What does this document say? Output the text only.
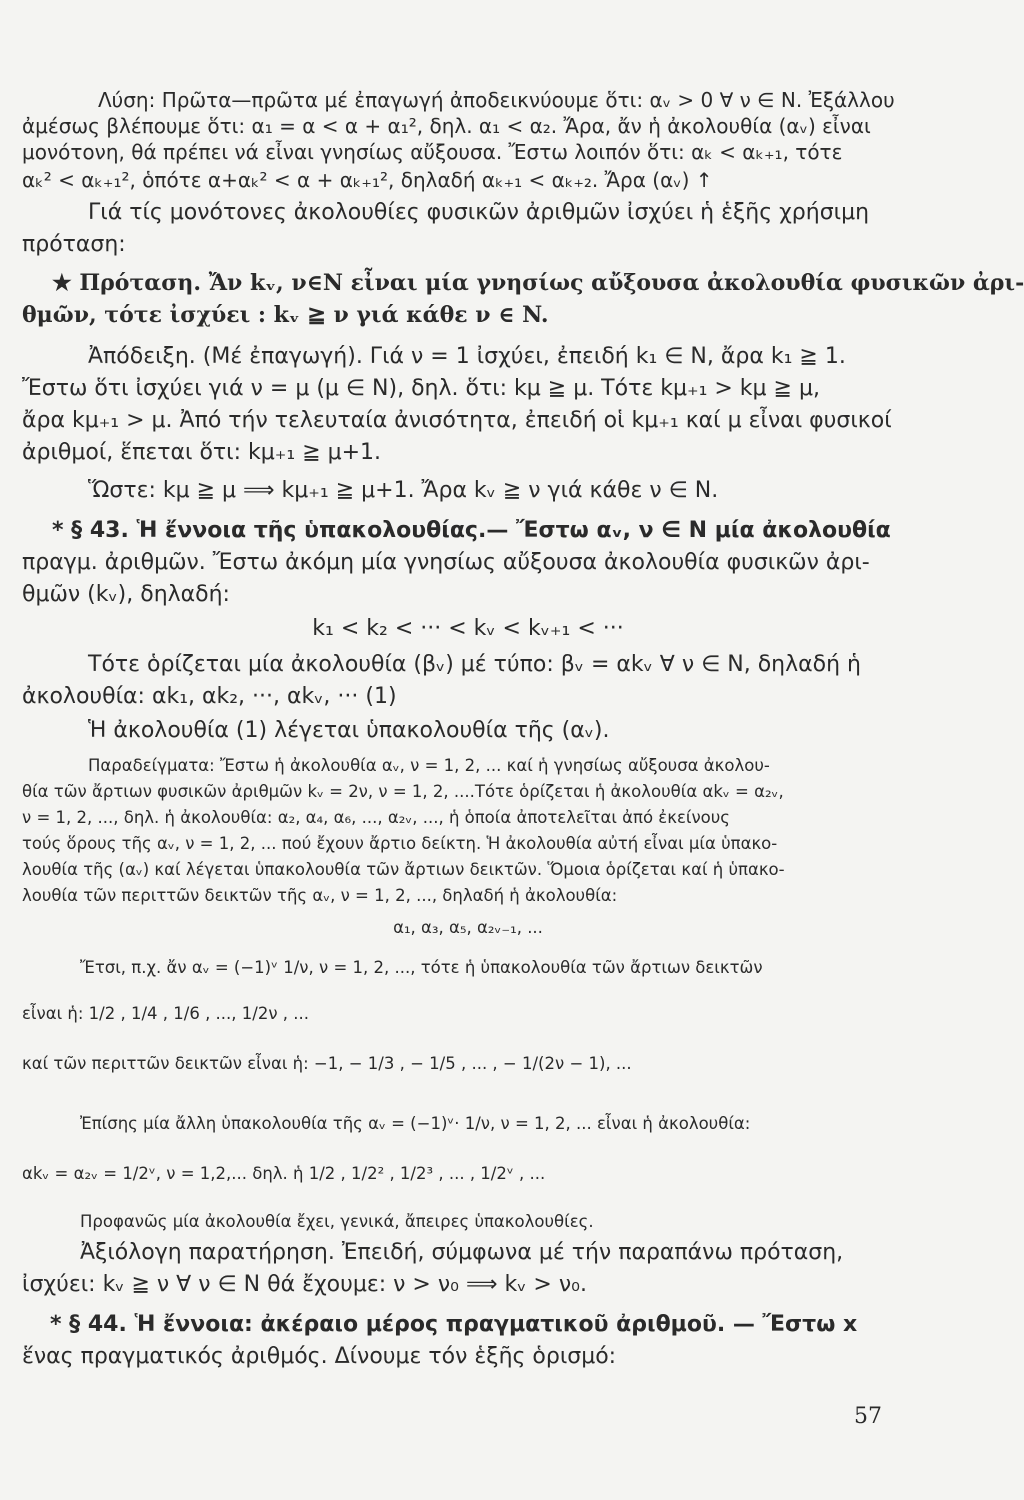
Λύση: Πρῶτα—πρῶτα μέ ἐπαγωγή ἀποδεικνύουμε ὅτι: αᵥ > 0 ∀ ν ∈ N. Ἐξάλλου
ἀμέσως βλέπουμε ὅτι: α₁ = α < α + α₁², δηλ. α₁ < α₂. Ἄρα, ἄν ἡ ἀκολουθία (αᵥ) εἶναι
μονότονη, θά πρέπει νά εἶναι γνησίως αὔξουσα. Ἔστω λοιπόν ὅτι: αₖ < αₖ₊₁, τότε
αₖ² < αₖ₊₁², ὁπότε α+αₖ² < α + αₖ₊₁², δηλαδή αₖ₊₁ < αₖ₊₂. Ἄρα (αᵥ) ↑
Γιά τίς μονότονες ἀκολουθίες φυσικῶν ἀριθμῶν ἰσχύει ἡ ἑξῆς χρήσιμη
πρόταση:
★ Πρόταση. Ἄν kᵥ, ν∈N εἶναι μία γνησίως αὔξουσα ἀκολουθία φυσικῶν ἀρι-
θμῶν, τότε ἰσχύει : kᵥ ≧ ν γιά κάθε ν ∈ N.
Ἀπόδειξη. (Μέ ἐπαγωγή). Γιά ν = 1 ἰσχύει, ἐπειδή k₁ ∈ N, ἄρα k₁ ≧ 1.
Ἔστω ὅτι ἰσχύει γιά ν = μ (μ ∈ N), δηλ. ὅτι: kμ ≧ μ. Τότε kμ₊₁ > kμ ≧ μ,
ἄρα kμ₊₁ > μ. Ἀπό τήν τελευταία ἀνισότητα, ἐπειδή οἱ kμ₊₁ καί μ εἶναι φυσικοί
ἀριθμοί, ἕπεται ὅτι: kμ₊₁ ≧ μ+1.
Ὥστε: kμ ≧ μ ⟹ kμ₊₁ ≧ μ+1. Ἄρα kᵥ ≧ ν γιά κάθε ν ∈ N.
* § 43. Ἡ ἔννοια τῆς ὑπακολουθίας.— Ἔστω αᵥ, ν ∈ N μία ἀκολουθία
πραγμ. ἀριθμῶν. Ἔστω ἀκόμη μία γνησίως αὔξουσα ἀκολουθία φυσικῶν ἀρι-
θμῶν (kᵥ), δηλαδή:
k₁ < k₂ < ··· < kᵥ < kᵥ₊₁ < ···
Τότε ὁρίζεται μία ἀκολουθία (βᵥ) μέ τύπο: βᵥ = αkᵥ ∀ ν ∈ N, δηλαδή ἡ
ἀκολουθία: αk₁, αk₂, ···, αkᵥ, ··· (1)
Ἡ ἀκολουθία (1) λέγεται ὑπακολουθία τῆς (αᵥ).
Παραδείγματα: Ἔστω ἡ ἀκολουθία αᵥ, ν = 1, 2, ... καί ἡ γνησίως αὔξουσα ἀκολου-
θία τῶν ἄρτιων φυσικῶν ἀριθμῶν kᵥ = 2ν, ν = 1, 2, ....Τότε ὁρίζεται ἡ ἀκολουθία αkᵥ = α₂ᵥ,
ν = 1, 2, ..., δηλ. ἡ ἀκολουθία: α₂, α₄, α₆, ..., α₂ᵥ, ..., ἡ ὁποία ἀποτελεῖται ἀπό ἐκείνους
τούς ὅρους τῆς αᵥ, ν = 1, 2, ... πού ἔχουν ἄρτιο δείκτη. Ἡ ἀκολουθία αὐτή εἶναι μία ὑπακο-
λουθία τῆς (αᵥ) καί λέγεται ὑπακολουθία τῶν ἄρτιων δεικτῶν. Ὅμοια ὁρίζεται καί ἡ ὑπακο-
λουθία τῶν περιττῶν δεικτῶν τῆς αᵥ, ν = 1, 2, ..., δηλαδή ἡ ἀκολουθία:
α₁, α₃, α₅, α₂ᵥ₋₁, ...
Ἔτσι, π.χ. ἄν αᵥ = (−1)ᵛ 1/ν, ν = 1, 2, ..., τότε ἡ ὑπακολουθία τῶν ἄρτιων δεικτῶν
εἶναι ἡ: 1/2 , 1/4 , 1/6 , ..., 1/2ν , ...
καί τῶν περιττῶν δεικτῶν εἶναι ἡ: −1, − 1/3 , − 1/5 , ... , − 1/(2ν − 1), ...
Ἐπίσης μία ἄλλη ὑπακολουθία τῆς αᵥ = (−1)ᵛ· 1/ν, ν = 1, 2, ... εἶναι ἡ ἀκολουθία:
αkᵥ = α₂ᵥ = 1/2ᵛ, ν = 1,2,... δηλ. ἡ 1/2 , 1/2² , 1/2³ , ... , 1/2ᵛ , ...
Προφανῶς μία ἀκολουθία ἔχει, γενικά, ἄπειρες ὑπακολουθίες.
Ἀξιόλογη παρατήρηση. Ἐπειδή, σύμφωνα μέ τήν παραπάνω πρόταση,
ἰσχύει: kᵥ ≧ ν ∀ ν ∈ N θά ἔχουμε: ν > ν₀ ⟹ kᵥ > ν₀.
* § 44. Ἡ ἔννοια: ἀκέραιο μέρος πραγματικοῦ ἀριθμοῦ. — Ἔστω x
ἕνας πραγματικός ἀριθμός. Δίνουμε τόν ἑξῆς ὁρισμό:
57
